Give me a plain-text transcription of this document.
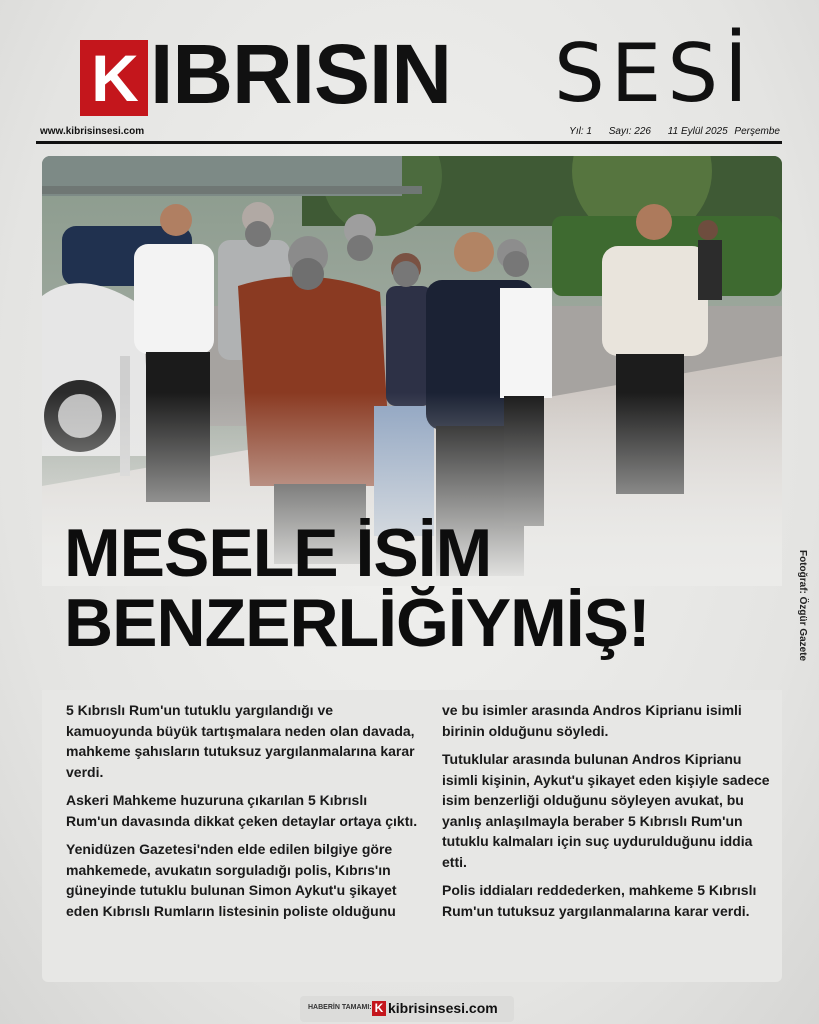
K IBRISIN SESİ
www.kibrisinsesi.com	Yıl: 1 Sayı: 226 11 Eylül 2025 Perşembe
MESELE İSİM
BENZERLİĞİYMİŞ!	Fotoğraf: Özgür Gazete

5 Kıbrıslı Rum'un tutuklu yargılandığı ve kamuoyunda büyük tartışmalara neden olan davada, mahkeme şahısların tutuksuz yargılanmalarına karar verdi.

Askeri Mahkeme huzuruna çıkarılan 5 Kıbrıslı Rum'un davasında dikkat çeken detaylar ortaya çıktı.

Yenidüzen Gazetesi'nden elde edilen bilgiye göre mahkemede, avukatın sorguladığı polis, Kıbrıs'ın güneyinde tutuklu bulunan Simon Aykut'u şikayet eden Kıbrıslı Rumların listesinin poliste olduğunu

ve bu isimler arasında Andros Kiprianu isimli birinin olduğunu söyledi.

Tutuklular arasında bulunan Andros Kiprianu isimli kişinin, Aykut'u şikayet eden kişiyle sadece isim benzerliği olduğunu söyleyen avukat, bu yanlış anlaşılmayla beraber 5 Kıbrıslı Rum'un tutuklu kalmaları için suç uydurulduğunu iddia etti.

Polis iddiaları reddederken, mahkeme 5 Kıbrıslı Rum'un tutuksuz yargılanmalarına karar verdi.

HABERİN TAMAMI: K kibrisinsesi.com
